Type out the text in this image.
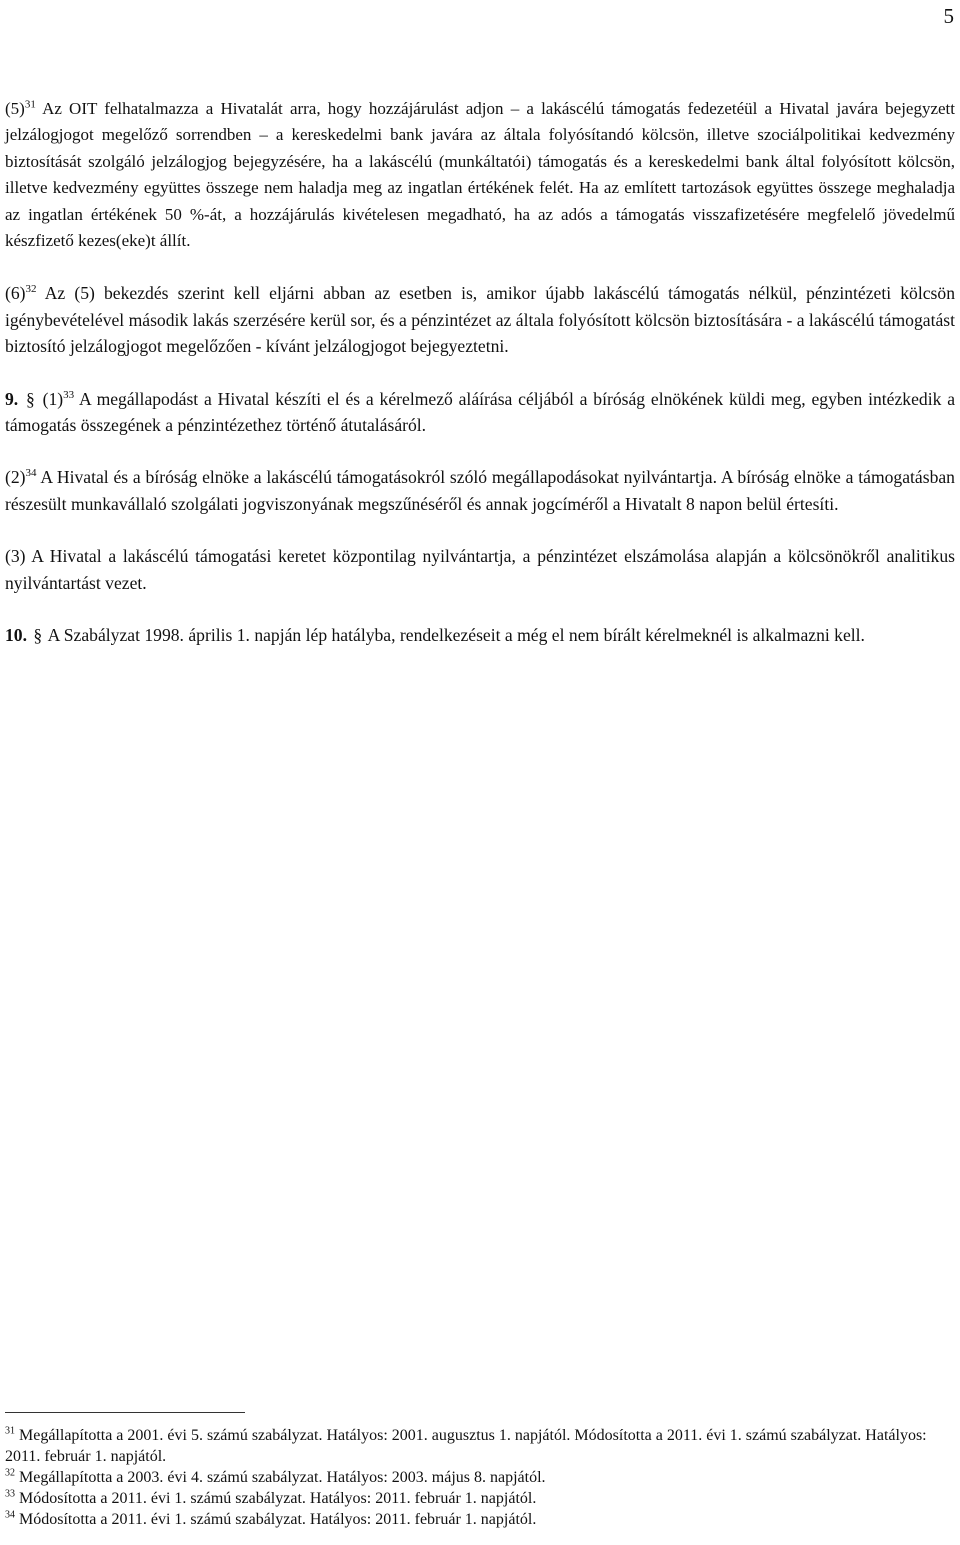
5

(5)$^{31}$ Az OIT felhatalmazza a Hivatalát arra, hogy hozzájárulást adjon – a lakáscélú támogatás fedezetéül a Hivatal javára bejegyzett jelzálogjogot megelőző sorrendben – a kereskedelmi bank javára az általa folyósítandó kölcsön, illetve szociálpolitikai kedvezmény biztosítását szolgáló jelzálogjog bejegyzésére, ha a lakáscélú (munkáltatói) támogatás és a kereskedelmi bank által folyósított kölcsön, illetve kedvezmény együttes összege nem haladja meg az ingatlan értékének felét. Ha az említett tartozások együttes összege meghaladja az ingatlan értékének 50 %-át, a hozzájárulás kivételesen megadható, ha az adós a támogatás visszafizetésére megfelelő jövedelmű készfizető kezes(eke)t állít.

(6)$^{32}$ Az (5) bekezdés szerint kell eljárni abban az esetben is, amikor újabb lakáscélú támogatás nélkül, pénzintézeti kölcsön igénybevételével második lakás szerzésére kerül sor, és a pénzintézet az általa folyósított kölcsön biztosítására - a lakáscélú támogatást biztosító jelzálogjogot megelőzően - kívánt jelzálogjogot bejegyeztetni.

9. § (1)$^{33}$ A megállapodást a Hivatal készíti el és a kérelmező aláírása céljából a bíróság elnökének küldi meg, egyben intézkedik a támogatás összegének a pénzintézethez történő átutalásáról.

(2)$^{34}$ A Hivatal és a bíróság elnöke a lakáscélú támogatásokról szóló megállapodásokat nyilvántartja. A bíróság elnöke a támogatásban részesült munkavállaló szolgálati jogviszonyának megszűnéséről és annak jogcíméről a Hivatalt 8 napon belül értesíti.

(3) A Hivatal a lakáscélú támogatási keretet központilag nyilvántartja, a pénzintézet elszámolása alapján a kölcsönökről analitikus nyilvántartást vezet.

10. § A Szabályzat 1998. április 1. napján lép hatályba, rendelkezéseit a még el nem bírált kérelmeknél is alkalmazni kell.

$^{31}$ Megállapította a 2001. évi 5. számú szabályzat. Hatályos: 2001. augusztus 1. napjától. Módosította a 2011. évi 1. számú szabályzat. Hatályos: 2011. február 1. napjától.

$^{32}$ Megállapította a 2003. évi 4. számú szabályzat. Hatályos: 2003. május 8. napjától.

$^{33}$ Módosította a 2011. évi 1. számú szabályzat. Hatályos: 2011. február 1. napjától.

$^{34}$ Módosította a 2011. évi 1. számú szabályzat. Hatályos: 2011. február 1. napjától.
